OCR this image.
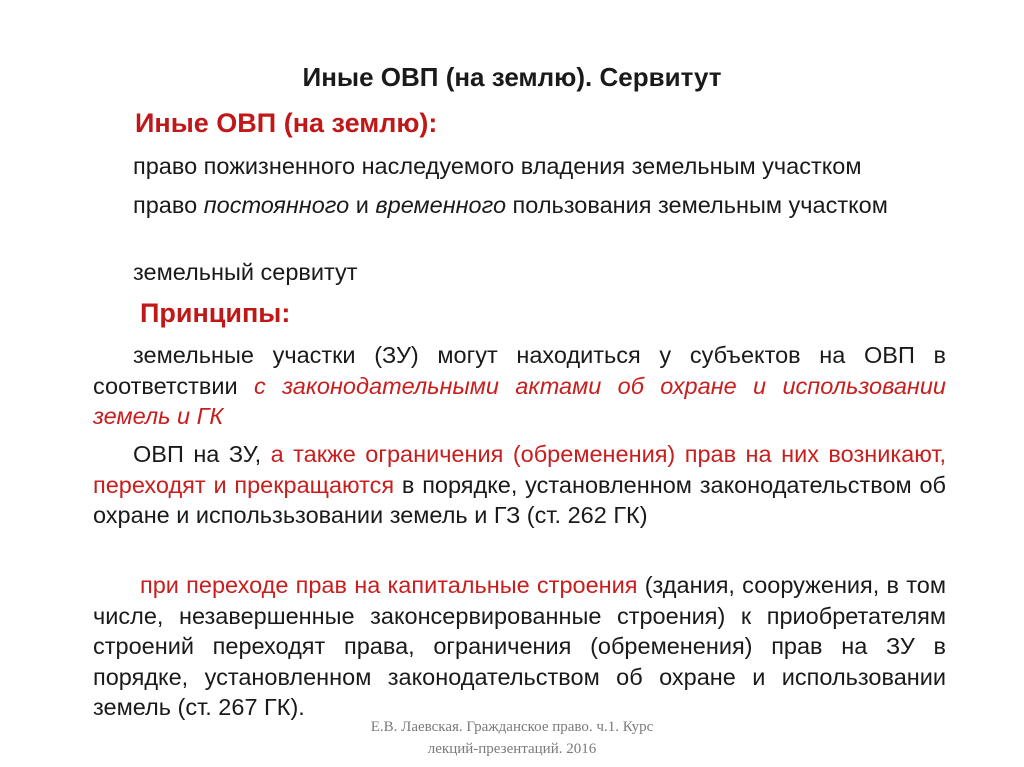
Иные ОВП (на землю). Сервитут
Иные ОВП (на землю):
право пожизненного наследуемого владения земельным участком
право постоянного и временного пользования земельным участком
земельный сервитут
Принципы:
земельные участки (ЗУ) могут находиться у субъектов на ОВП в соответствии с законодательными актами об охране и использовании земель и ГК
ОВП на ЗУ, а также ограничения (обременения) прав на них возникают, переходят и прекращаются в порядке, установленном законодательством об охране и использьзовании земель и ГЗ (ст. 262 ГК)
при переходе прав на капитальные строения (здания, сооружения, в том числе, незавершенные законсервированные строения) к приобретателям строений переходят права, ограничения (обременения) прав на ЗУ в порядке, установленном законодательством об охране и использовании земель (ст. 267 ГК).
Е.В. Лаевская. Гражданское право. ч.1. Курс
лекций-презентаций. 2016
